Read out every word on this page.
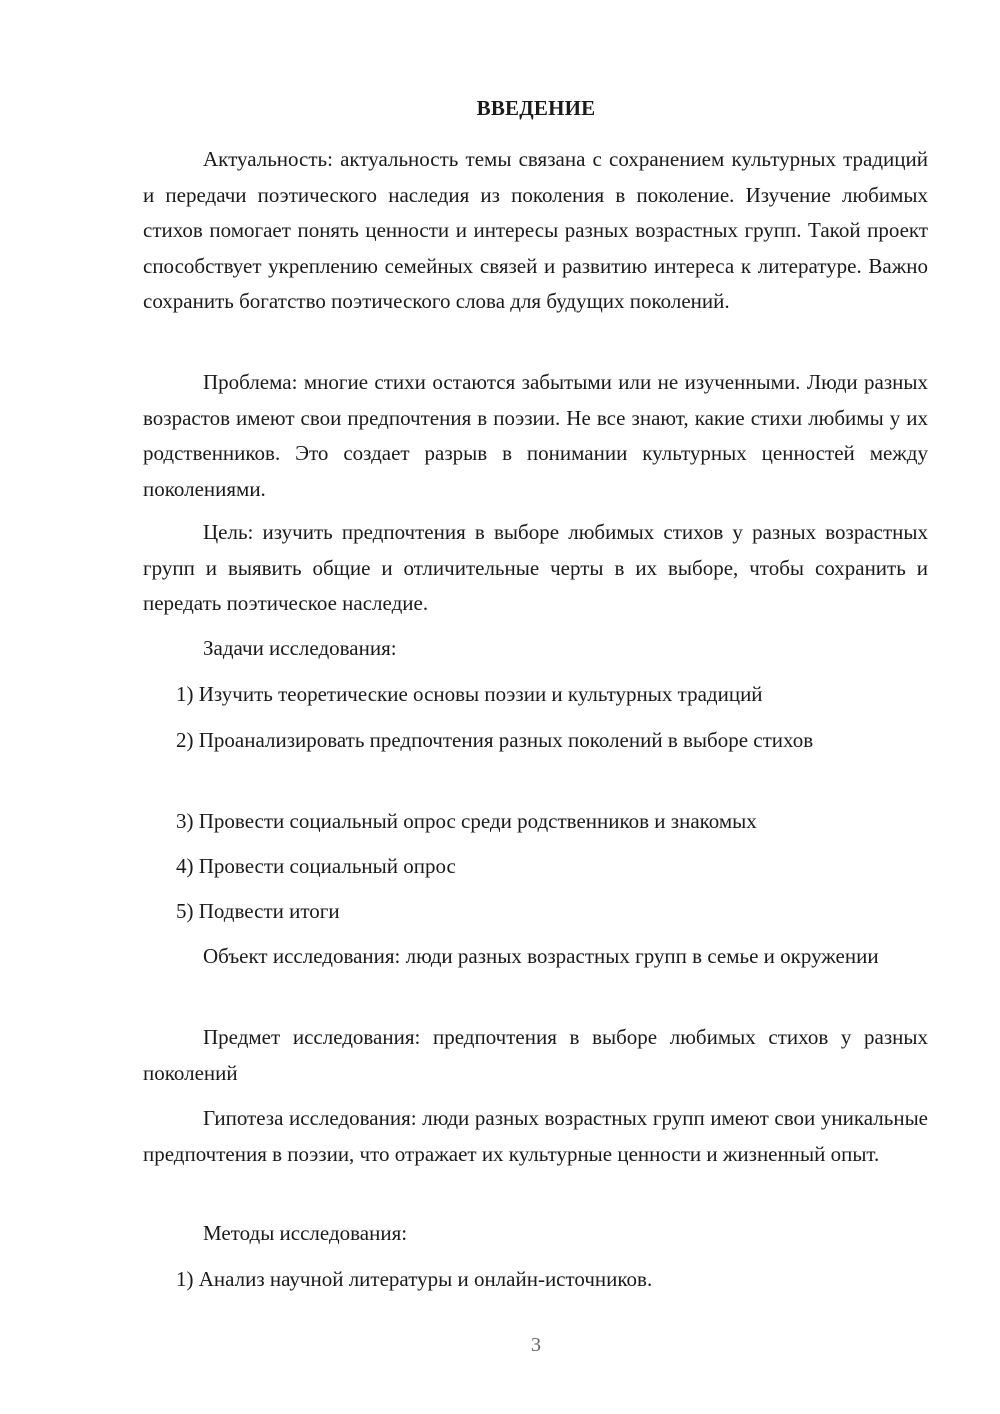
ВВЕДЕНИЕ

Актуальность: актуальность темы связана с сохранением культурных традиций и передачи поэтического наследия из поколения в поколение. Изучение любимых стихов помогает понять ценности и интересы разных возрастных групп. Такой проект способствует укреплению семейных связей и развитию интереса к литературе. Важно сохранить богатство поэтического слова для будущих поколений.

Проблема: многие стихи остаются забытыми или не изученными. Люди разных возрастов имеют свои предпочтения в поэзии. Не все знают, какие стихи любимы у их родственников. Это создает разрыв в понимании культурных ценностей между поколениями.

Цель: изучить предпочтения в выборе любимых стихов у разных возрастных групп и выявить общие и отличительные черты в их выборе, чтобы сохранить и передать поэтическое наследие.

Задачи исследования:

1) Изучить теоретические основы поэзии и культурных традиций

2) Проанализировать предпочтения разных поколений в выборе стихов

3) Провести социальный опрос среди родственников и знакомых

4) Провести социальный опрос

5) Подвести итоги

Объект исследования: люди разных возрастных групп в семье и окружении

Предмет исследования: предпочтения в выборе любимых стихов у разных поколений

Гипотеза исследования: люди разных возрастных групп имеют свои уникальные предпочтения в поэзии, что отражает их культурные ценности и жизненный опыт.

Методы исследования:

1) Анализ научной литературы и онлайн-источников.

3
